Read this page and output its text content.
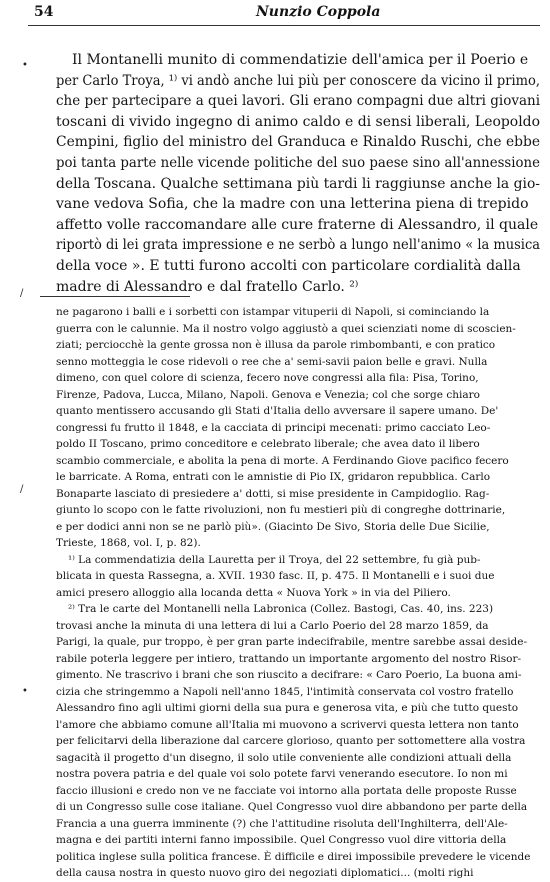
54	Nunzio Coppola
•
/
/
•
Il Montanelli munito di commendatizie dell'amica per il Poerio e
per Carlo Troya, ¹⁾ vi andò anche lui più per conoscere da vicino il primo,
che per partecipare a quei lavori. Gli erano compagni due altri giovani
toscani di vivido ingegno di animo caldo e di sensi liberali, Leopoldo
Cempini, figlio del ministro del Granduca e Rinaldo Ruschi, che ebbe
poi tanta parte nelle vicende politiche del suo paese sino all'annessione
della Toscana. Qualche settimana più tardi li raggiunse anche la gio-
vane vedova Sofia, che la madre con una letterina piena di trepido
affetto volle raccomandare alle cure fraterne di Alessandro, il quale
riportò di lei grata impressione e ne serbò a lungo nell'animo « la musica
della voce ». E tutti furono accolti con particolare cordialità dalla
madre di Alessandro e dal fratello Carlo. ²⁾
ne pagarono i balli e i sorbetti con istampar vituperii di Napoli, si cominciando la
guerra con le calunnie. Ma il nostro volgo aggiustò a quei scienziati nome di scoscien-
ziati; perciocchè la gente grossa non è illusa da parole rimbombanti, e con pratico
senno motteggia le cose ridevoli o ree che a' semi-savii paion belle e gravi. Nulla
dimeno, con quel colore di scienza, fecero nove congressi alla fila: Pisa, Torino,
Firenze, Padova, Lucca, Milano, Napoli. Genova e Venezia; col che sorge chiaro
quanto mentissero accusando gli Stati d'Italia dello avversare il sapere umano. De'
congressi fu frutto il 1848, e la cacciata di principi mecenati: primo cacciato Leo-
poldo II Toscano, primo conceditore e celebrato liberale; che avea dato il libero
scambio commerciale, e abolita la pena di morte. A Ferdinando Giove pacifico fecero
le barricate. A Roma, entrati con le amnistie di Pio IX, gridaron repubblica. Carlo
Bonaparte lasciato di presiedere a' dotti, si mise presidente in Campidoglio. Rag-
giunto lo scopo con le fatte rivoluzioni, non fu mestieri più di congreghe dottrinarie,
e per dodici anni non se ne parlò più». (Giacinto De Sivo, Storia delle Due Sicilie,
Trieste, 1868, vol. I, p. 82).
¹⁾ La commendatizia della Lauretta per il Troya, del 22 settembre, fu già pub-
blicata in questa Rassegna, a. XVII. 1930 fasc. II, p. 475. Il Montanelli e i suoi due
amici presero alloggio alla locanda detta « Nuova York » in via del Piliero.
²⁾ Tra le carte del Montanelli nella Labronica (Collez. Bastogi, Cas. 40, ins. 223)
trovasi anche la minuta di una lettera di lui a Carlo Poerio del 28 marzo 1859, da
Parigi, la quale, pur troppo, è per gran parte indecifrabile, mentre sarebbe assai deside-
rabile poterla leggere per intiero, trattando un importante argomento del nostro Risor-
gimento. Ne trascrivo i brani che son riuscito a decifrare: « Caro Poerio, La buona ami-
cizia che stringemmo a Napoli nell'anno 1845, l'intimità conservata col vostro fratello
Alessandro fino agli ultimi giorni della sua pura e generosa vita, e più che tutto questo
l'amore che abbiamo comune all'Italia mi muovono a scrivervi questa lettera non tanto
per felicitarvi della liberazione dal carcere glorioso, quanto per sottomettere alla vostra
sagacità il progetto d'un disegno, il solo utile conveniente alle condizioni attuali della
nostra povera patria e del quale voi solo potete farvi venerando esecutore. Io non mi
faccio illusioni e credo non ve ne facciate voi intorno alla portata delle proposte Russe
di un Congresso sulle cose italiane. Quel Congresso vuol dire abbandono per parte della
Francia a una guerra imminente (?) che l'attitudine risoluta dell'Inghilterra, dell'Ale-
magna e dei partiti interni fanno impossibile. Quel Congresso vuol dire vittoria della
politica inglese sulla politica francese. È difficile e direi impossibile prevedere le vicende
della causa nostra in questo nuovo giro dei negoziati diplomatici... (molti righi
